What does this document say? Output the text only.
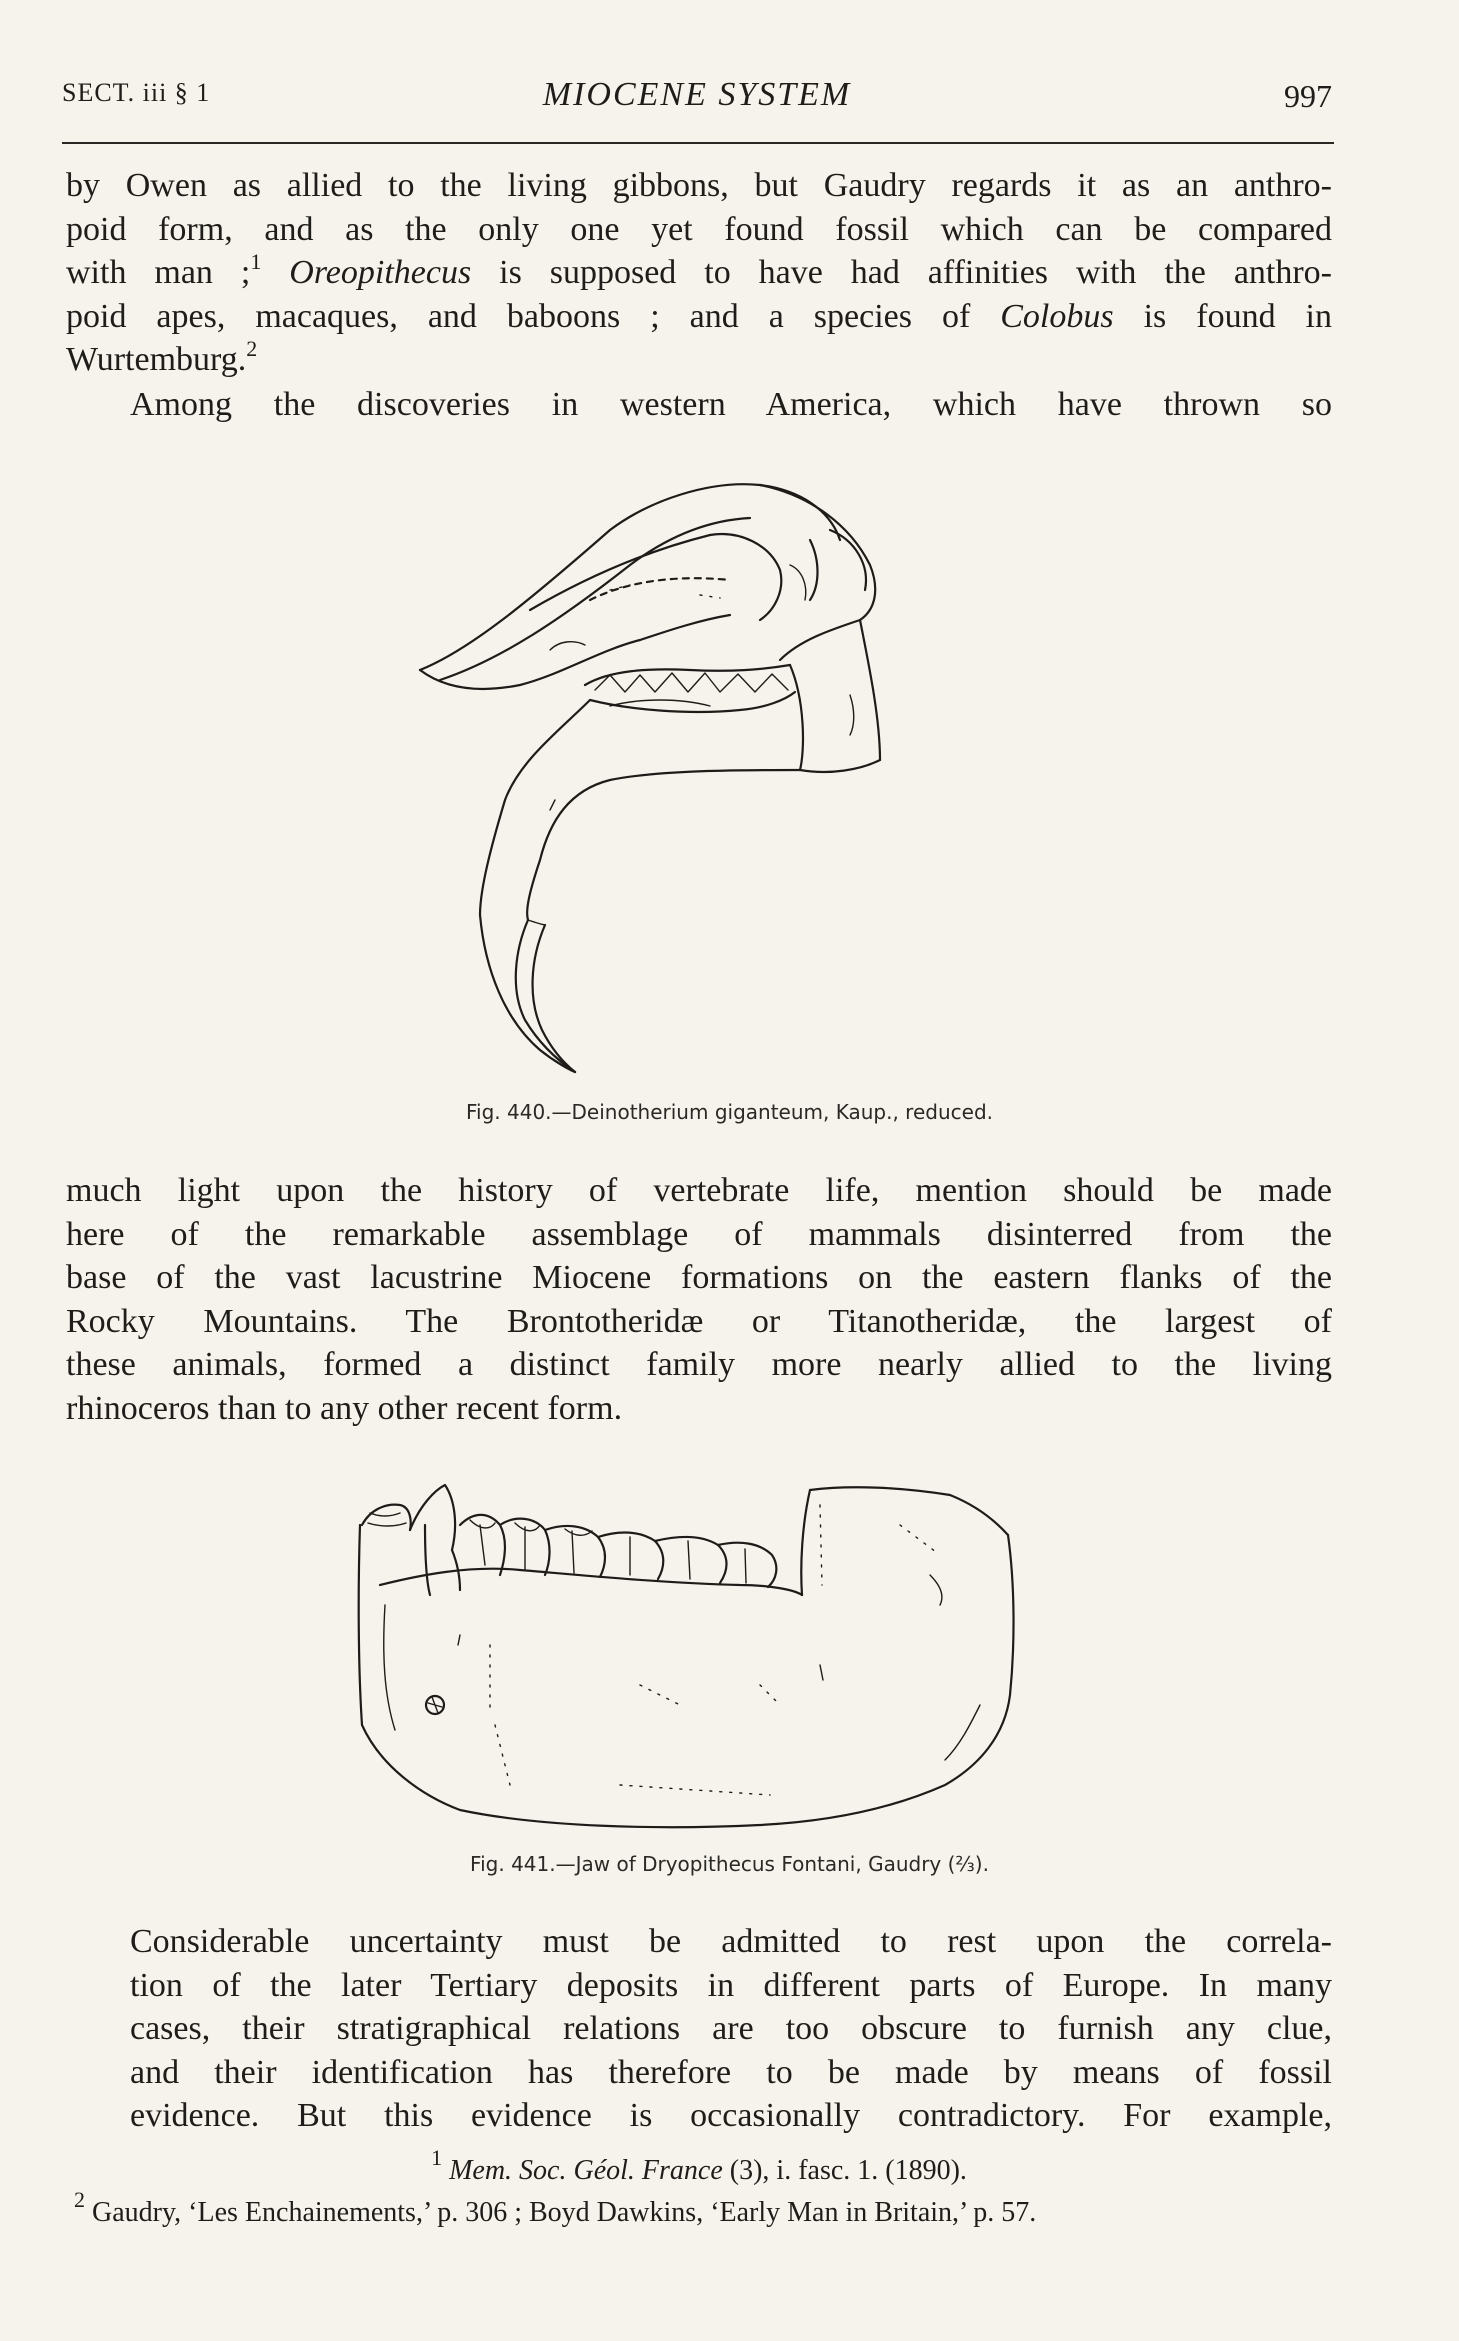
SECT. iii § 1	MIOCENE SYSTEM	997
by Owen as allied to the living gibbons, but Gaudry regards it as an anthro-
poid form, and as the only one yet found fossil which can be compared
with man ;$^1$ Oreopithecus is supposed to have had affinities with the anthro-
poid apes, macaques, and baboons ; and a species of Colobus is found in
Wurtemburg.$^2$
Among the discoveries in western America, which have thrown so
Fig. 440.—Deinotherium giganteum, Kaup., reduced.
much light upon the history of vertebrate life, mention should be made
here of the remarkable assemblage of mammals disinterred from the
base of the vast lacustrine Miocene formations on the eastern flanks of the
Rocky Mountains. The Brontotheridæ or Titanotheridæ, the largest of
these animals, formed a distinct family more nearly allied to the living
rhinoceros than to any other recent form.
Fig. 441.—Jaw of Dryopithecus Fontani, Gaudry (⅔).
Considerable uncertainty must be admitted to rest upon the correla-
tion of the later Tertiary deposits in different parts of Europe. In many
cases, their stratigraphical relations are too obscure to furnish any clue,
and their identification has therefore to be made by means of fossil
evidence. But this evidence is occasionally contradictory. For example,
$^1$ Mem. Soc. Géol. France (3), i. fasc. 1. (1890).
$^2$ Gaudry, ‘Les Enchainements,’ p. 306 ; Boyd Dawkins, ‘Early Man in Britain,’ p. 57.
